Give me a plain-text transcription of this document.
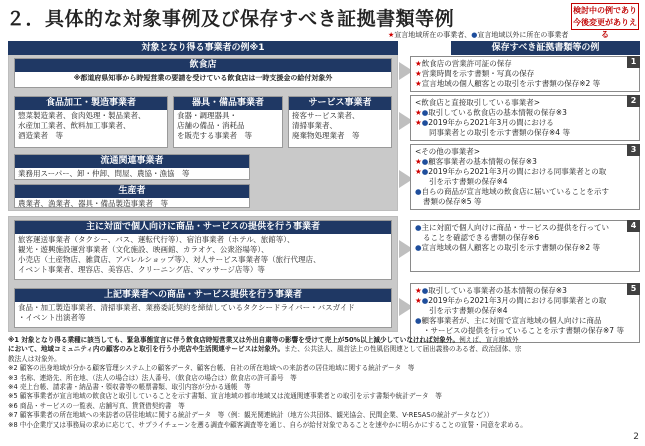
２．具体的な対象事例及び保存すべき証拠書類等例	検討中の例であり
今後変更がありえる
★宣言地域所在の事業者、●宣言地域以外に所在の事業者
対象となり得る事業者の例※1	保存すべき証拠書類等の例
飲食店
※都道府県知事から時短営業の要請を受けている飲食店は一時支援金の給付対象外
食品加工・製造事業者
惣菜製造業者、食肉処理・製品業者、
水産加工業者、飲料加工事業者、
酒造業者　等
器具・備品事業者
食器・調理器具・
店舗の備品・消耗品
を販売する事業者　等
サービス事業者
接客サービス業者、
清掃事業者、
廃棄物処理業者　等
流通関連事業者
業務用スーパー、卸・仲卸、問屋、農協・漁協　等
生産者
農業者、漁業者、器具・備品製造事業者　等
主に対面で個人向けに商品・サービスの提供を行う事業者
旅客運送事業者（タクシー、バス、運転代行等）、宿泊事業者（ホテル、旅館等）、
観光・遊興施設運営事業者（文化施設、映画館、カラオケ、公衆浴場等）、
小売店（土産物店、雑貨店、アパレルショップ等）、対人サービス事業者等（旅行代理店、
イベント事業者、理容店、美容店、クリーニング店、マッサージ店等）等
上記事業者への商品・サービス提供を行う事業者
食品・加工製造事業者、清掃事業者、業務委託契約を締結しているタクシードライバー・バスガイド
・イベント出演者等
1
★飲食店の営業許可証の保存
★営業時間を示す書類・写真の保存
★宣言地域の個人顧客との取引を示す書類の保存※2 等
2
<飲食店と直接取引している事業者>
★●取引している飲食店の基本情報の保存※3
★●2019年から2021年3月の間における
同事業者との取引を示す書類の保存※4 等
3
<その他の事業者>
★●顧客事業者の基本情報の保存※3
★●2019年から2021年3月の間における同事業者との取
引を示す書類の保存※4
●自らの商品が宣言地域の飲食店に届いていることを示す
書類の保存※5 等
4
●主に対面で個人向けに商品・サービスの提供を行ってい
ることを確認できる書類の保存※6
●宣言地域の個人顧客との取引を示す書類の保存※2 等
5
★●取引している事業者の基本情報の保存※3
★●2019年から2021年3月の間における同事業者との取
引を示す書類の保存※4
●顧客事業者が、主に対面で宣言地域の個人向けに商品
・サービスの提供を行っていることを示す書類の保存※7 等
※1 対象となり得る業種に該当しても、緊急事態宣言に伴う飲食店時短営業又は外出自粛等の影響を受けて売上が50%以上減少していなければ対象外。例えば、宣言地域外
において、地域コミュニティ内の顧客のみと取引を行う小売店や生活関連サービスは対象外。また、公共法人、風営法上の性風俗関連として届出義務のある者、政治団体、宗
教法人は対象外。
※2 顧客の出身地域が分かる顧客管理システム上の顧客データ、顧客台帳、自社の所在地域への来訪者の居住地域に関する統計データ　等
※3 名称、連絡先、所在地、（法人の場合は）法人番号、（飲食店の場合は）飲食店の許可番号　等
※4 売上台帳、請求書・納品書・領収書等の帳票書類、取引内容が分かる通帳　等
※5 顧客事業者が宣言地域の飲食店と取引していることを示す書類、宣言地域の都市地域又は流通関連事業者との取引を示す書類や統計データ　等
※6 商品・サービスの一覧表、店舗写真、賃貸借契約書　等
※7 顧客事業者の所在地域への来訪者の居住地域に関する統計データ　等（例：観光関連統計（地方公共団体、観光協会、民間企業、V-RESASの統計データなど））
※8 中小企業庁又は事務局の求めに応じて、サプライチェーンを遡る調査や顧客調査等を通じ、自らが給付対象であることを速やかに明らかにすることの宣誓・同意を求める。
2
